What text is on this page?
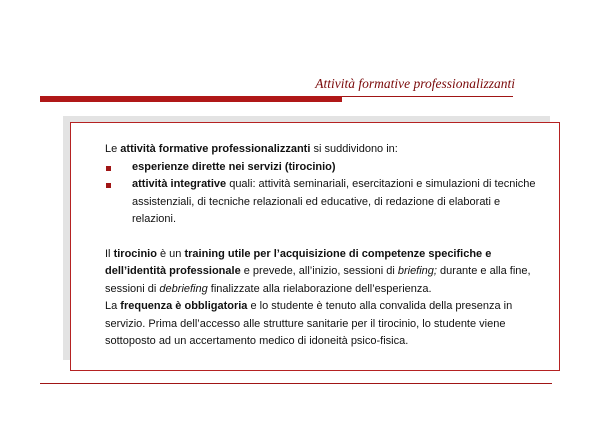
Attività formative professionalizzanti

Le attività formative professionalizzanti si suddividono in:

esperienze dirette nei servizi (tirocinio)
attività integrative quali: attività seminariali, esercitazioni e simulazioni di tecniche assistenziali, di tecniche relazionali ed educative, di redazione di elaborati e relazioni.

Il tirocinio è un training utile per l’acquisizione di competenze specifiche e dell’identità professionale e prevede, all’inizio, sessioni di briefing; durante e alla fine, sessioni di debriefing finalizzate alla rielaborazione dell’esperienza.

La frequenza è obbligatoria e lo studente è tenuto alla convalida della presenza in servizio. Prima dell’accesso alle strutture sanitarie per il tirocinio, lo studente viene sottoposto ad un accertamento medico di idoneità psico-fisica.
